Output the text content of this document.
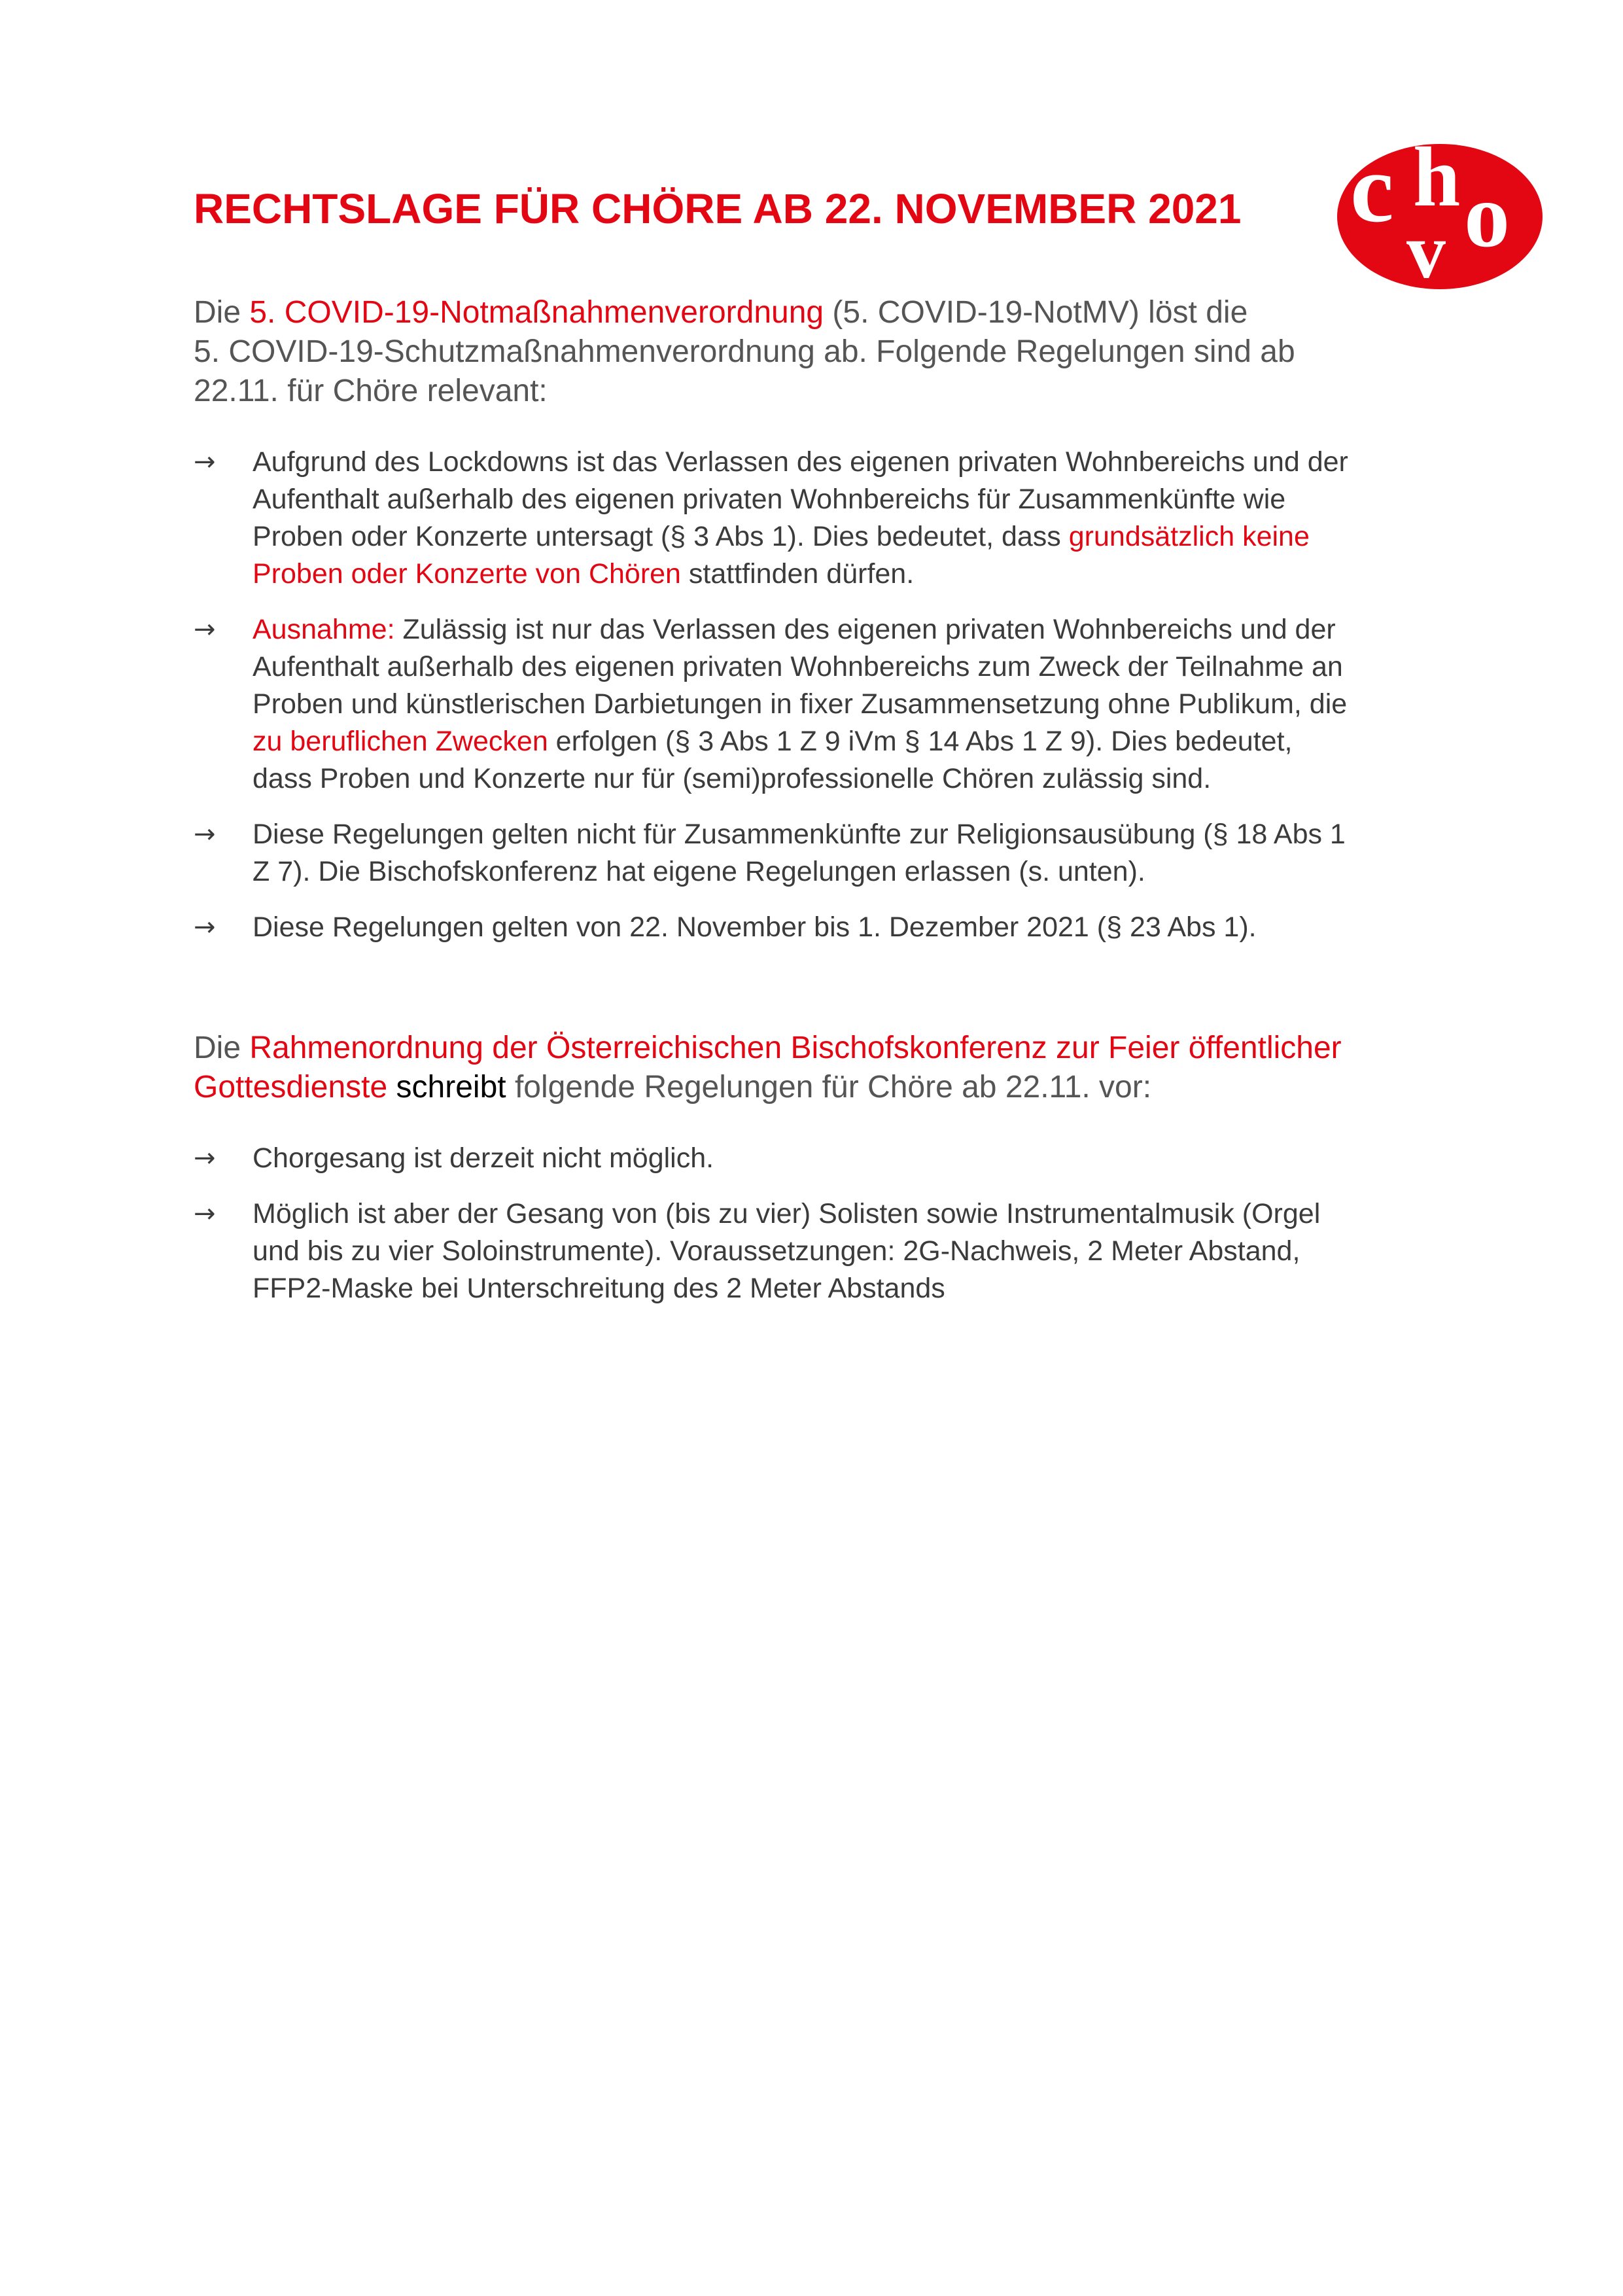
RECHTSLAGE FÜR CHÖRE AB 22. NOVEMBER 2021 c h
v o
Die 5. COVID-19-Notmaßnahmenverordnung (5. COVID-19-NotMV) löst die
5. COVID-19-Schutzmaßnahmenverordnung ab. Folgende Regelungen sind ab
22.11. für Chöre relevant:
→ Aufgrund des Lockdowns ist das Verlassen des eigenen privaten Wohnbereichs und der
Aufenthalt außerhalb des eigenen privaten Wohnbereichs für Zusammenkünfte wie
Proben oder Konzerte untersagt (§ 3 Abs 1). Dies bedeutet, dass grundsätzlich keine
Proben oder Konzerte von Chören stattfinden dürfen.
→ Ausnahme: Zulässig ist nur das Verlassen des eigenen privaten Wohnbereichs und der
Aufenthalt außerhalb des eigenen privaten Wohnbereichs zum Zweck der Teilnahme an
Proben und künstlerischen Darbietungen in fixer Zusammensetzung ohne Publikum, die
zu beruflichen Zwecken erfolgen (§ 3 Abs 1 Z 9 iVm § 14 Abs 1 Z 9). Dies bedeutet,
dass Proben und Konzerte nur für (semi)professionelle Chören zulässig sind.
→ Diese Regelungen gelten nicht für Zusammenkünfte zur Religionsausübung (§ 18 Abs 1
Z 7). Die Bischofskonferenz hat eigene Regelungen erlassen (s. unten).
→ Diese Regelungen gelten von 22. November bis 1. Dezember 2021 (§ 23 Abs 1).
Die Rahmenordnung der Österreichischen Bischofskonferenz zur Feier öffentlicher
Gottesdienste schreibt folgende Regelungen für Chöre ab 22.11. vor:
→ Chorgesang ist derzeit nicht möglich.
→ Möglich ist aber der Gesang von (bis zu vier) Solisten sowie Instrumentalmusik (Orgel
und bis zu vier Soloinstrumente). Voraussetzungen: 2G-Nachweis, 2 Meter Abstand,
FFP2-Maske bei Unterschreitung des 2 Meter Abstands
